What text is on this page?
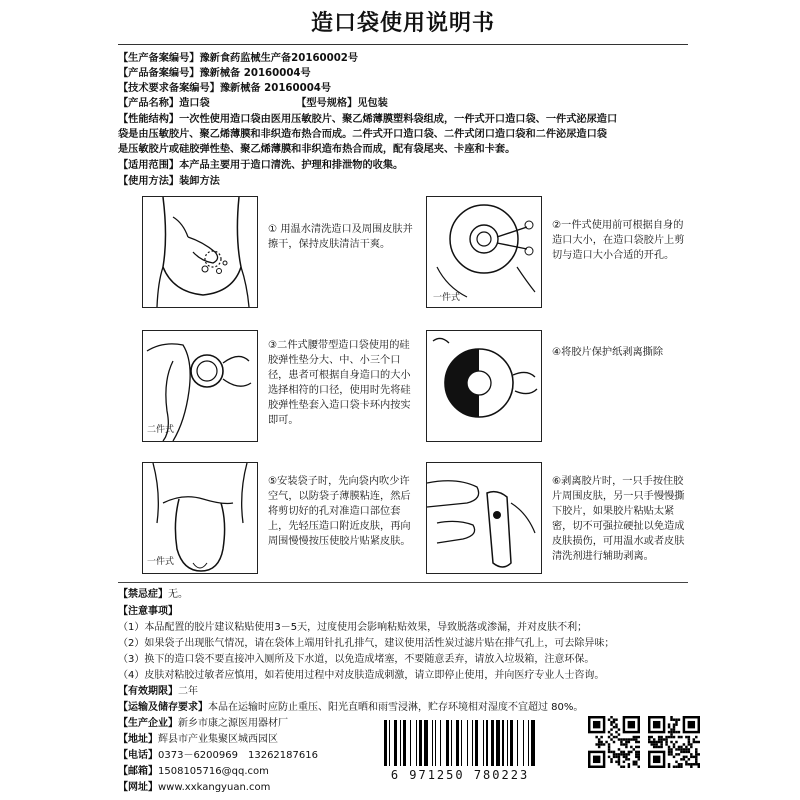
造口袋使用说明书
【生产备案编号】豫新食药监械生产备20160002号
【产品备案编号】豫新械备 20160004号
【技术要求备案编号】豫新械备 20160004号
【产品名称】造口袋	【型号规格】见包装
【性能结构】一次性使用造口袋由医用压敏胶片、聚乙烯薄膜塑料袋组成，一件式开口造口袋、一件式泌尿造口
袋是由压敏胶片、聚乙烯薄膜和非织造布热合而成。二件式开口造口袋、二件式闭口造口袋和二件泌尿造口袋
是压敏胶片或硅胶弹性垫、聚乙烯薄膜和非织造布热合而成，配有袋尾夹、卡座和卡套。
【适用范围】本产品主要用于造口清洗、护理和排泄物的收集。
【使用方法】装卸方法
① 用温水清洗造口及周围皮肤并擦干，保持皮肤清洁干爽。
一件式
②一件式使用前可根据自身的造口大小，在造口袋胶片上剪切与造口大小合适的开孔。
二件式
③二件式腰带型造口袋使用的硅胶弹性垫分大、中、小三个口径，患者可根据自身造口的大小选择相符的口径，使用时先将硅胶弹性垫套入造口袋卡环内按实即可。
④将胶片保护纸剥离撕除
一件式
⑤安装袋子时，先向袋内吹少许空气，以防袋子薄膜粘连，然后将剪切好的孔对准造口部位套上，先轻压造口附近皮肤，再向周围慢慢按压使胶片贴紧皮肤。
⑥剥离胶片时，一只手按住胶片周围皮肤，另一只手慢慢撕下胶片，如果胶片粘贴太紧密，切不可强拉硬扯以免造成皮肤损伤，可用温水或者皮肤清洗剂进行辅助剥离。
【禁忌症】无。
【注意事项】
（1）本品配置的胶片建议粘贴使用3－5天，过度使用会影响粘贴效果，导致脱落或渗漏，并对皮肤不利；
（2）如果袋子出现胀气情况，请在袋体上端用针扎孔排气，建议使用活性炭过滤片贴在排气孔上，可去除异味；
（3）换下的造口袋不要直接冲入厕所及下水道，以免造成堵塞，不要随意丢弃，请放入垃圾箱，注意环保。
（4）皮肤对粘胶过敏者应慎用，如若使用过程中对皮肤造成刺激，请立即停止使用，并向医疗专业人士咨询。
【有效期限】二年
【运输及储存要求】本品在运输时应防止重压、阳光直晒和雨雪浸淋，贮存环境相对湿度不宜超过 80%。
【生产企业】新乡市康之源医用器材厂
【地址】辉县市产业集聚区城西园区
【电话】0373－6200969　13262187616
【邮箱】1508105716@qq.com
【网址】www.xxkangyuan.com
6 971250 780223
